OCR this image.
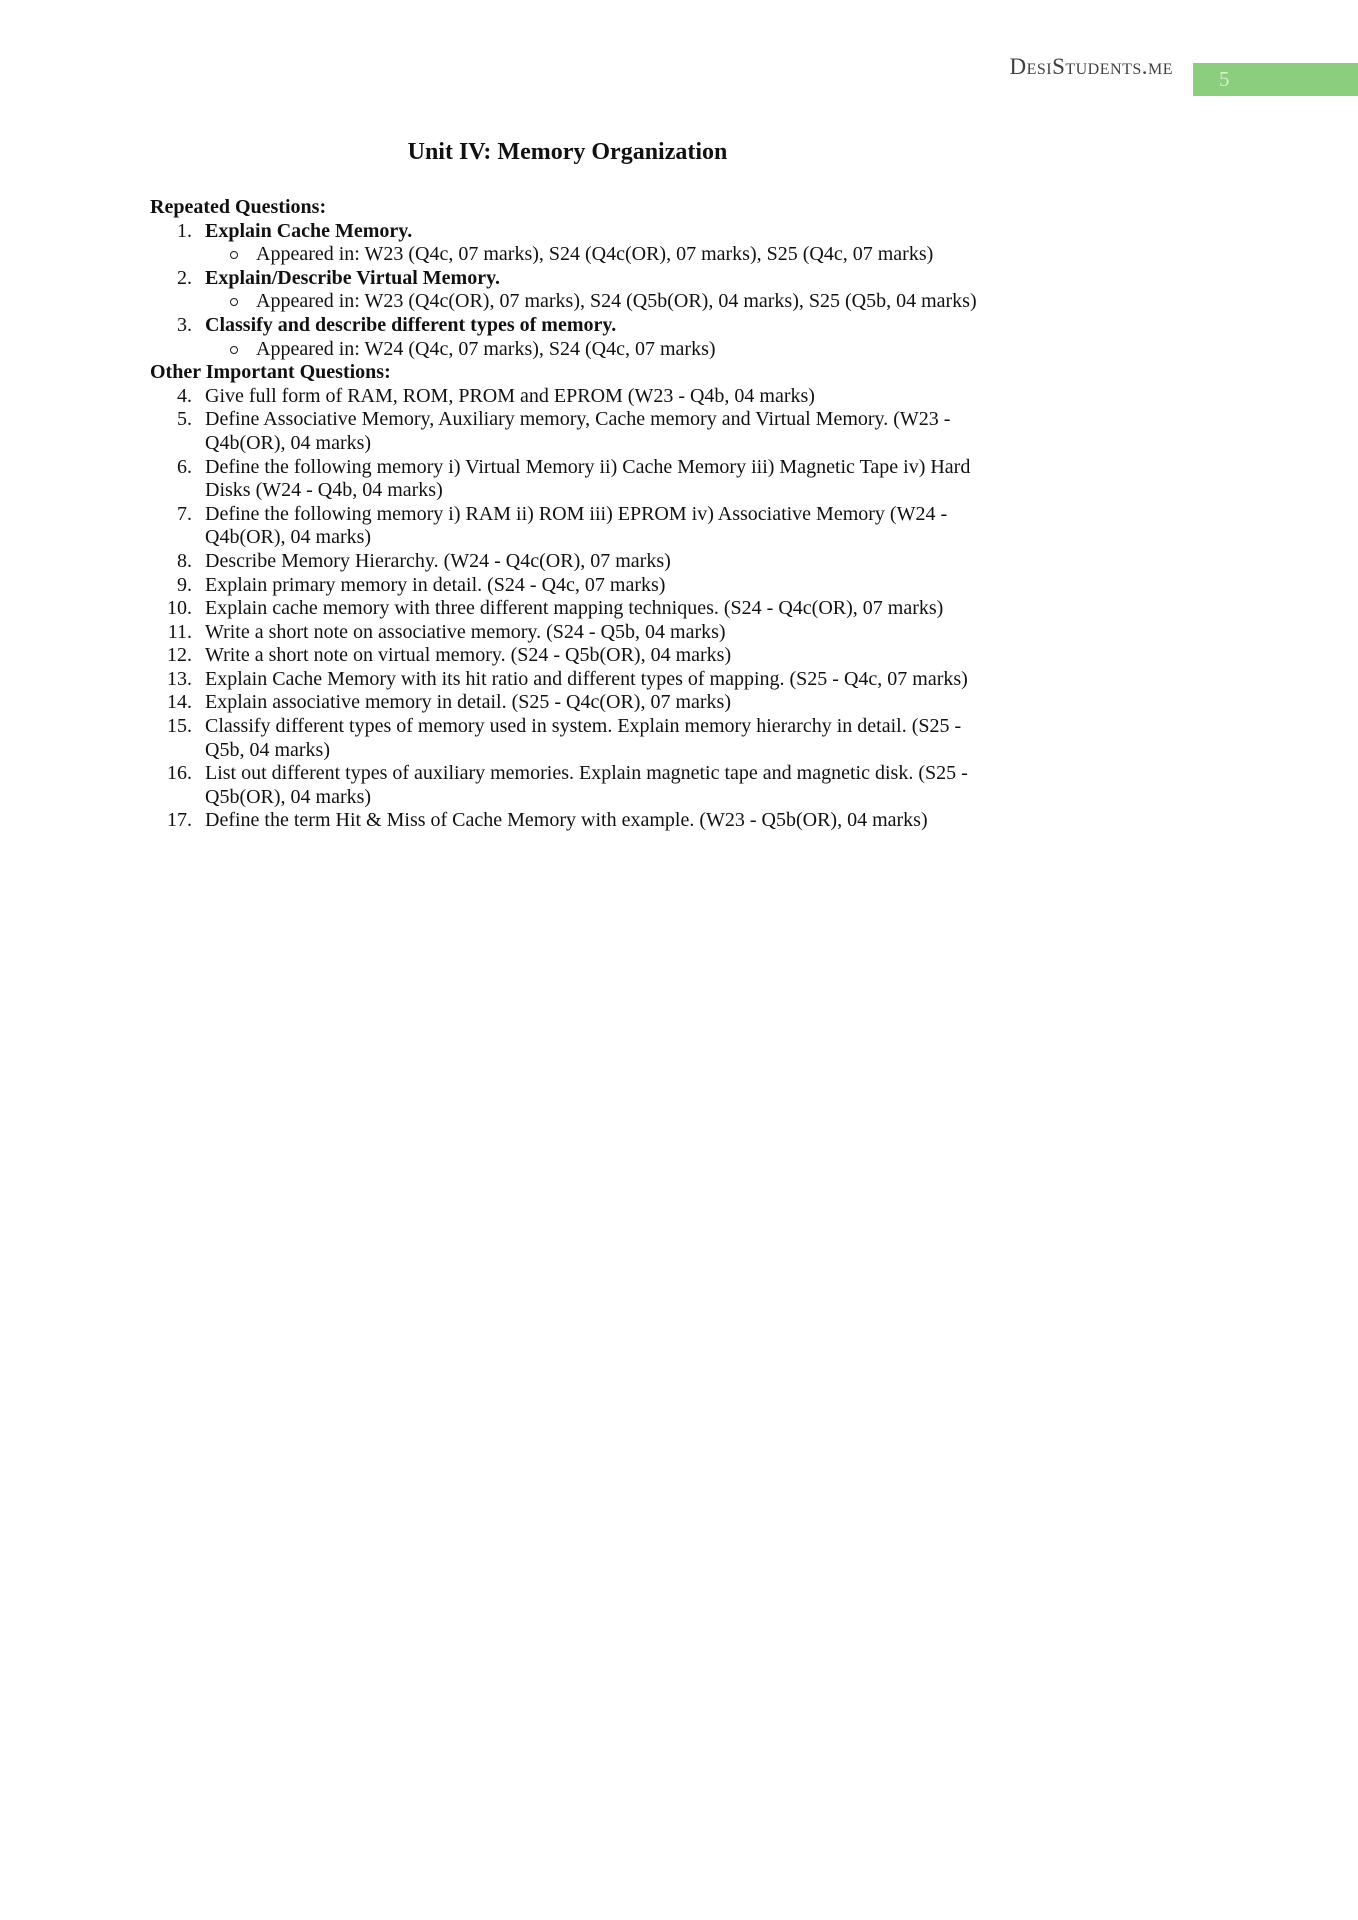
DesiStudents.me 5
Unit IV: Memory Organization
Repeated Questions:
1. Explain Cache Memory.
Appeared in: W23 (Q4c, 07 marks), S24 (Q4c(OR), 07 marks), S25 (Q4c, 07 marks)
2. Explain/Describe Virtual Memory.
Appeared in: W23 (Q4c(OR), 07 marks), S24 (Q5b(OR), 04 marks), S25 (Q5b, 04 marks)
3. Classify and describe different types of memory.
Appeared in: W24 (Q4c, 07 marks), S24 (Q4c, 07 marks)
Other Important Questions:
4. Give full form of RAM, ROM, PROM and EPROM (W23 - Q4b, 04 marks)
5. Define Associative Memory, Auxiliary memory, Cache memory and Virtual Memory. (W23 - Q4b(OR), 04 marks)
6. Define the following memory i) Virtual Memory ii) Cache Memory iii) Magnetic Tape iv) Hard Disks (W24 - Q4b, 04 marks)
7. Define the following memory i) RAM ii) ROM iii) EPROM iv) Associative Memory (W24 - Q4b(OR), 04 marks)
8. Describe Memory Hierarchy. (W24 - Q4c(OR), 07 marks)
9. Explain primary memory in detail. (S24 - Q4c, 07 marks)
10. Explain cache memory with three different mapping techniques. (S24 - Q4c(OR), 07 marks)
11. Write a short note on associative memory. (S24 - Q5b, 04 marks)
12. Write a short note on virtual memory. (S24 - Q5b(OR), 04 marks)
13. Explain Cache Memory with its hit ratio and different types of mapping. (S25 - Q4c, 07 marks)
14. Explain associative memory in detail. (S25 - Q4c(OR), 07 marks)
15. Classify different types of memory used in system. Explain memory hierarchy in detail. (S25 - Q5b, 04 marks)
16. List out different types of auxiliary memories. Explain magnetic tape and magnetic disk. (S25 - Q5b(OR), 04 marks)
17. Define the term Hit & Miss of Cache Memory with example. (W23 - Q5b(OR), 04 marks)
